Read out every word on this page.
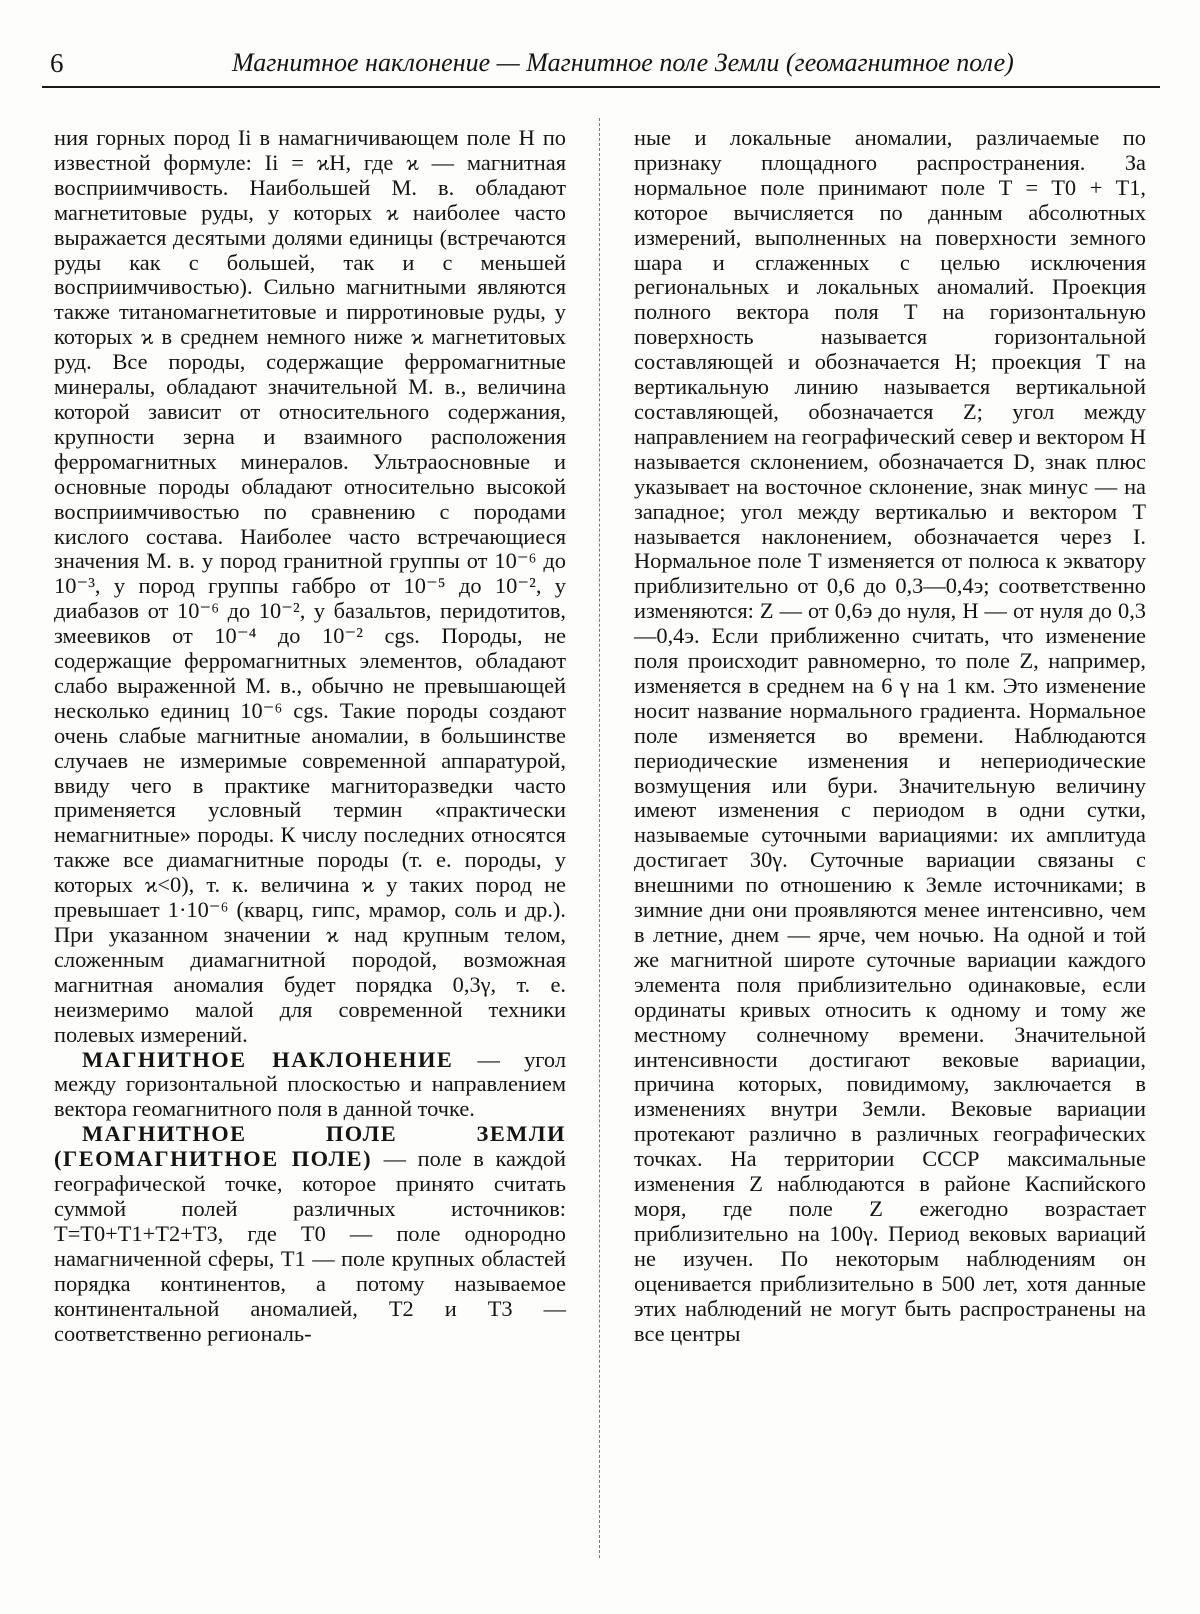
6	Магнитное наклонение — Магнитное поле Земли (геомагнитное поле)

ния горных пород Ii в намагничивающем поле H по известной формуле: Ii = ϰH, где ϰ — магнитная восприимчивость. Наибольшей М. в. обладают магнетитовые руды, у которых ϰ наиболее часто выражается десятыми долями единицы (встречаются руды как с большей, так и с меньшей восприимчивостью). Сильно магнитными являются также титаномагнетитовые и пирротиновые руды, у которых ϰ в среднем немного ниже ϰ магнетитовых руд. Все породы, содержащие ферромагнитные минералы, обладают значительной М. в., величина которой зависит от относительного содержания, крупности зерна и взаимного расположения ферромагнитных минералов. Ультраосновные и основные породы обладают относительно высокой восприимчивостью по сравнению с породами кислого состава. Наиболее часто встречающиеся значения М. в. у пород гранитной группы от 10⁻⁶ до 10⁻³, у пород группы габбро от 10⁻⁵ до 10⁻², у диабазов от 10⁻⁶ до 10⁻², у базальтов, перидотитов, змеевиков от 10⁻⁴ до 10⁻² cgs. Породы, не содержащие ферромагнитных элементов, обладают слабо выраженной М. в., обычно не превышающей несколько единиц 10⁻⁶ cgs. Такие породы создают очень слабые магнитные аномалии, в большинстве случаев не измеримые современной аппаратурой, ввиду чего в практике магниторазведки часто применяется условный термин «практически немагнитные» породы. К числу последних относятся также все диамагнитные породы (т. е. породы, у которых ϰ<0), т. к. величина ϰ у таких пород не превышает 1·10⁻⁶ (кварц, гипс, мрамор, соль и др.). При указанном значении ϰ над крупным телом, сложенным диамагнитной породой, возможная магнитная аномалия будет порядка 0,3γ, т. е. неизмеримо малой для современной техники полевых измерений.

МАГНИТНОЕ НАКЛОНЕНИЕ — угол между горизонтальной плоскостью и направлением вектора геомагнитного поля в данной точке.

МАГНИТНОЕ ПОЛЕ ЗЕМЛИ (ГЕОМАГНИТНОЕ ПОЛЕ) — поле в каждой географической точке, которое принято считать суммой полей различных источников: T=T0+T1+T2+T3, где T0 — поле однородно намагниченной сферы, T1 — поле крупных областей порядка континентов, а потому называемое континентальной аномалией, T2 и T3 — соответственно региональ-

ные и локальные аномалии, различаемые по признаку площадного распространения. За нормальное поле принимают поле T = T0 + T1, которое вычисляется по данным абсолютных измерений, выполненных на поверхности земного шара и сглаженных с целью исключения региональных и локальных аномалий. Проекция полного вектора поля T на горизонтальную поверхность называется горизонтальной составляющей и обозначается H; проекция T на вертикальную линию называется вертикальной составляющей, обозначается Z; угол между направлением на географический север и вектором H называется склонением, обозначается D, знак плюс указывает на восточное склонение, знак минус — на западное; угол между вертикалью и вектором T называется наклонением, обозначается через I. Нормальное поле T изменяется от полюса к экватору приблизительно от 0,6 до 0,3—0,4э; соответственно изменяются: Z — от 0,6э до нуля, H — от нуля до 0,3—0,4э. Если приближенно считать, что изменение поля происходит равномерно, то поле Z, например, изменяется в среднем на 6 γ на 1 км. Это изменение носит название нормального градиента. Нормальное поле изменяется во времени. Наблюдаются периодические изменения и непериодические возмущения или бури. Значительную величину имеют изменения с периодом в одни сутки, называемые суточными вариациями: их амплитуда достигает 30γ. Суточные вариации связаны с внешними по отношению к Земле источниками; в зимние дни они проявляются менее интенсивно, чем в летние, днем — ярче, чем ночью. На одной и той же магнитной широте суточные вариации каждого элемента поля приблизительно одинаковые, если ординаты кривых относить к одному и тому же местному солнечному времени. Значительной интенсивности достигают вековые вариации, причина которых, повидимому, заключается в изменениях внутри Земли. Вековые вариации протекают различно в различных географических точках. На территории СССР максимальные изменения Z наблюдаются в районе Каспийского моря, где поле Z ежегодно возрастает приблизительно на 100γ. Период вековых вариаций не изучен. По некоторым наблюдениям он оценивается приблизительно в 500 лет, хотя данные этих наблюдений не могут быть распространены на все центры
